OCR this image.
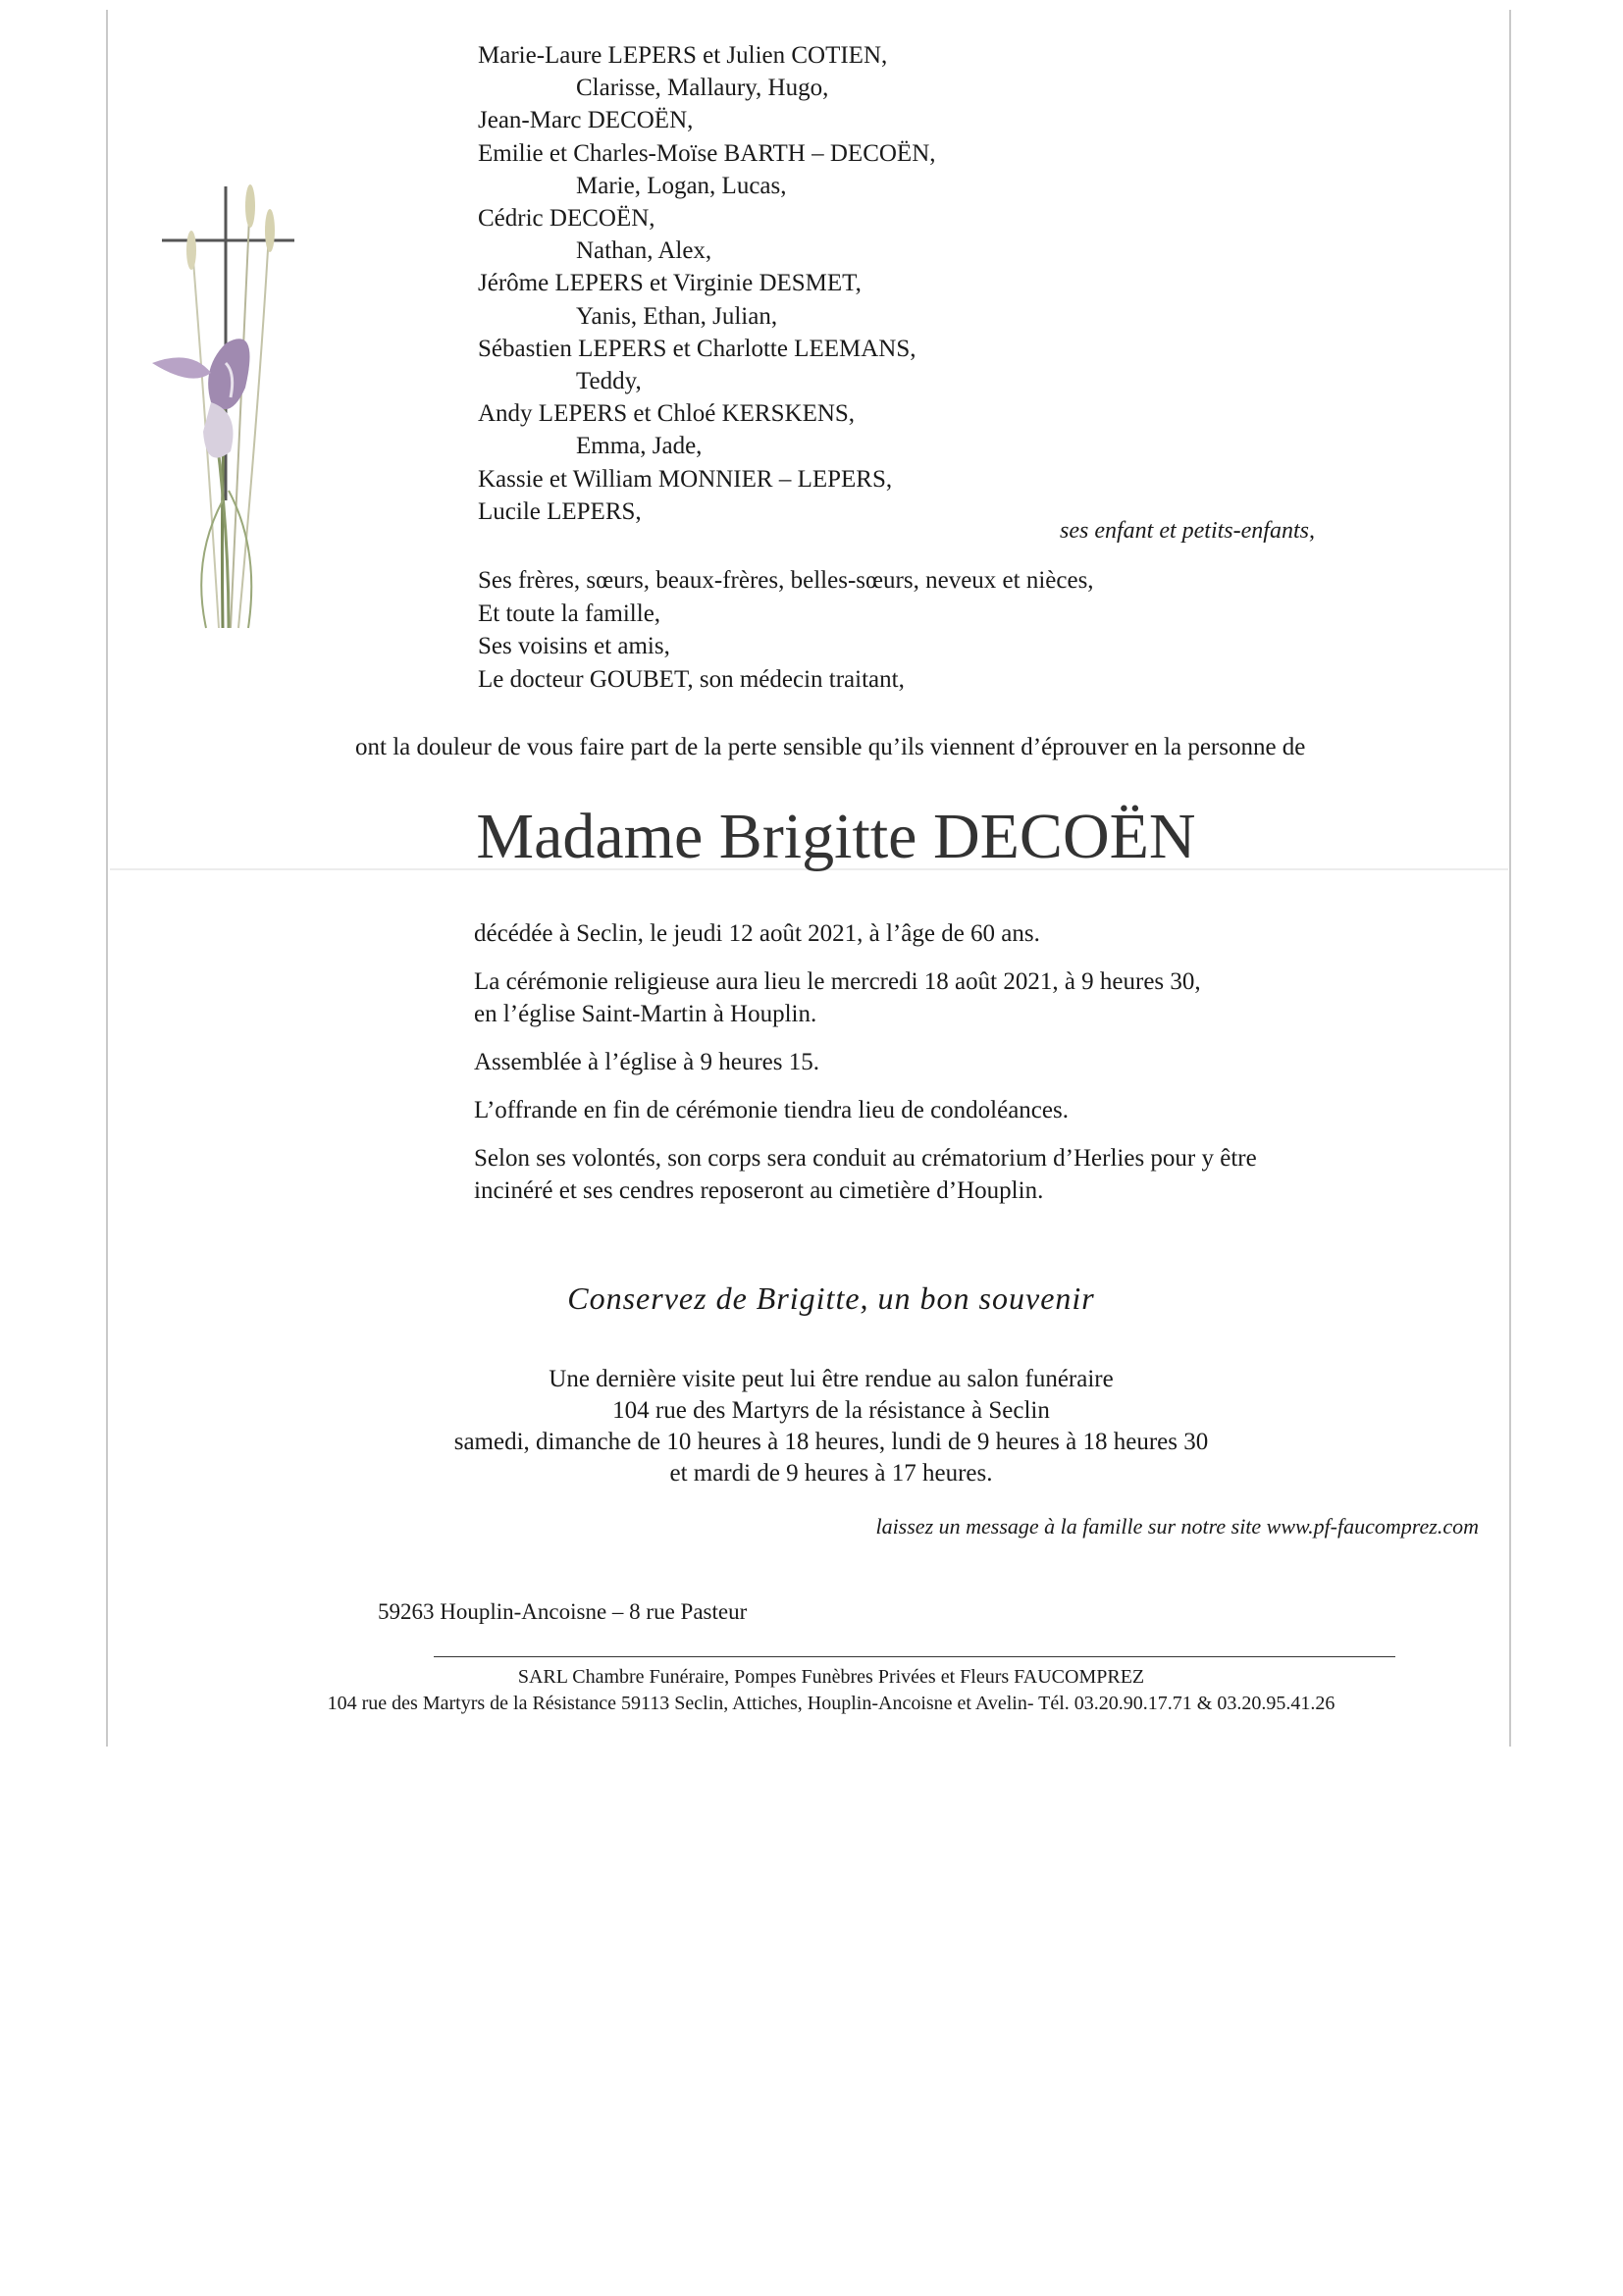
Marie-Laure LEPERS et Julien COTIEN,
Clarisse, Mallaury, Hugo,
Jean-Marc DECOËN,
Emilie et Charles-Moïse BARTH – DECOËN,
Marie, Logan, Lucas,
Cédric DECOËN,
Nathan, Alex,
Jérôme LEPERS et Virginie DESMET,
Yanis, Ethan, Julian,
Sébastien LEPERS et Charlotte LEEMANS,
Teddy,
Andy LEPERS et Chloé KERSKENS,
Emma, Jade,
Kassie et William MONNIER – LEPERS,
Lucile LEPERS,
ses enfant et petits-enfants,
Ses frères, sœurs, beaux-frères, belles-sœurs, neveux et nièces,
Et toute la famille,
Ses voisins et amis,
Le docteur GOUBET, son médecin traitant,
ont la douleur de vous faire part de la perte sensible qu’ils viennent d’éprouver en la personne de
Madame Brigitte DECOËN

décédée à Seclin, le jeudi 12 août 2021, à l’âge de 60 ans.

La cérémonie religieuse aura lieu le mercredi 18 août 2021, à 9 heures 30,
en l’église Saint-Martin à Houplin.

Assemblée à l’église à 9 heures 15.

L’offrande en fin de cérémonie tiendra lieu de condoléances.

Selon ses volontés, son corps sera conduit au crématorium d’Herlies pour y être
incinéré et ses cendres reposeront au cimetière d’Houplin.

Conservez de Brigitte, un bon souvenir
Une dernière visite peut lui être rendue au salon funéraire
104 rue des Martyrs de la résistance à Seclin
samedi, dimanche de 10 heures à 18 heures, lundi de 9 heures à 18 heures 30
et mardi de 9 heures à 17 heures.
laissez un message à la famille sur notre site www.pf-faucomprez.com
59263 Houplin-Ancoisne – 8 rue Pasteur
SARL Chambre Funéraire, Pompes Funèbres Privées et Fleurs FAUCOMPREZ
104 rue des Martyrs de la Résistance 59113 Seclin, Attiches, Houplin-Ancoisne et Avelin- Tél. 03.20.90.17.71 & 03.20.95.41.26
